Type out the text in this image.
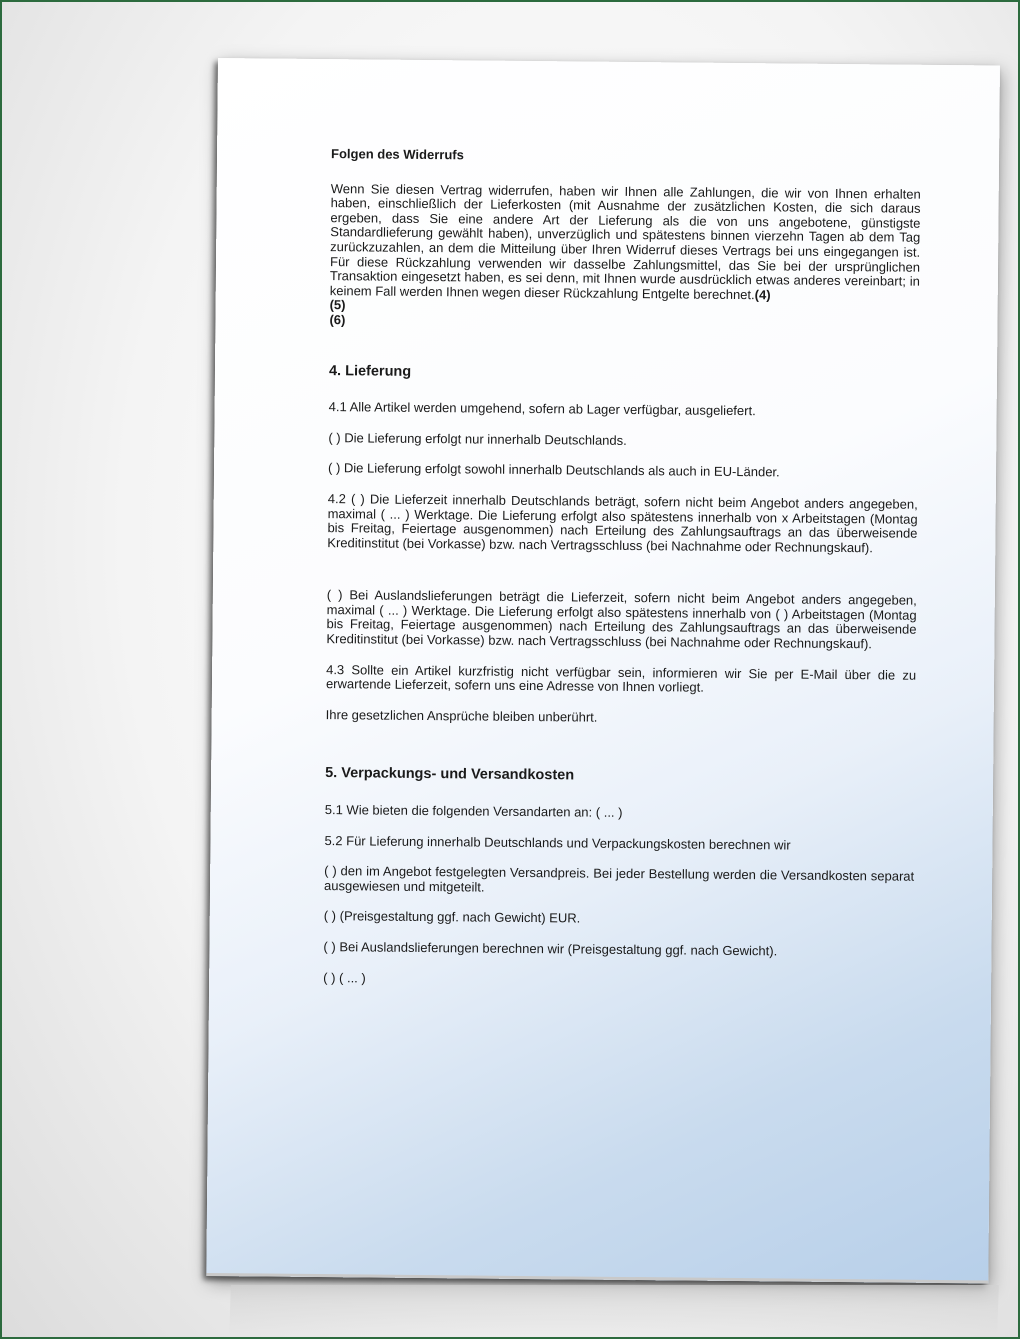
Folgen des Widerrufs

Wenn Sie diesen Vertrag widerrufen, haben wir Ihnen alle Zahlungen, die wir von Ihnen erhalten haben, einschließlich der Lieferkosten (mit Ausnahme der zusätzlichen Kosten, die sich daraus ergeben, dass Sie eine andere Art der Lieferung als die von uns angebotene, günstigste Standardlieferung gewählt haben), unverzüglich und spätestens binnen vierzehn Tagen ab dem Tag zurückzuzahlen, an dem die Mitteilung über Ihren Widerruf dieses Vertrags bei uns eingegangen ist. Für diese Rückzahlung verwenden wir dasselbe Zahlungsmittel, das Sie bei der ursprünglichen Transaktion eingesetzt haben, es sei denn, mit Ihnen wurde ausdrücklich etwas anderes vereinbart; in keinem Fall werden Ihnen wegen dieser Rückzahlung Entgelte berechnet.(4)

(5)
(6)
4. Lieferung

4.1 Alle Artikel werden umgehend, sofern ab Lager verfügbar, ausgeliefert.

( ) Die Lieferung erfolgt nur innerhalb Deutschlands.

( ) Die Lieferung erfolgt sowohl innerhalb Deutschlands als auch in EU-Länder.

4.2 ( ) Die Lieferzeit innerhalb Deutschlands beträgt, sofern nicht beim Angebot anders angegeben, maximal ( ... ) Werktage. Die Lieferung erfolgt also spätestens innerhalb von x Arbeitstagen (Montag bis Freitag, Feiertage ausgenommen) nach Erteilung des Zahlungsauftrags an das überweisende Kreditinstitut (bei Vorkasse) bzw. nach Vertragsschluss (bei Nachnahme oder Rechnungskauf).

( ) Bei Auslandslieferungen beträgt die Lieferzeit, sofern nicht beim Angebot anders angegeben, maximal ( ... ) Werktage. Die Lieferung erfolgt also spätestens innerhalb von ( ) Arbeitstagen (Montag bis Freitag, Feiertage ausgenommen) nach Erteilung des Zahlungsauftrags an das überweisende Kreditinstitut (bei Vorkasse) bzw. nach Vertragsschluss (bei Nachnahme oder Rechnungskauf).

4.3 Sollte ein Artikel kurzfristig nicht verfügbar sein, informieren wir Sie per E-Mail über die zu erwartende Lieferzeit, sofern uns eine Adresse von Ihnen vorliegt.

Ihre gesetzlichen Ansprüche bleiben unberührt.

5. Verpackungs- und Versandkosten

5.1 Wie bieten die folgenden Versandarten an: ( ... )

5.2 Für Lieferung innerhalb Deutschlands und Verpackungskosten berechnen wir

( ) den im Angebot festgelegten Versandpreis. Bei jeder Bestellung werden die Versandkosten separat ausgewiesen und mitgeteilt.

( ) (Preisgestaltung ggf. nach Gewicht) EUR.

( ) Bei Auslandslieferungen berechnen wir (Preisgestaltung ggf. nach Gewicht).

( ) ( ... )
